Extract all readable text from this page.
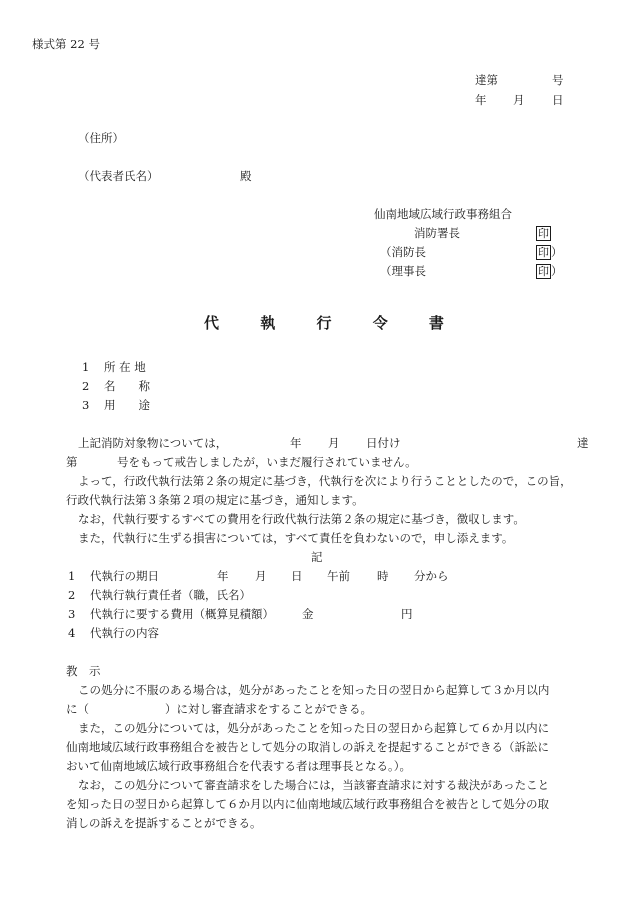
様式第 22 号
達第	号
年 月 日
（住所）
（代表者氏名）	殿
仙南地域広域行政事務組合
消防署長	印
（消防長	印 ）
（理事長	印 ）
代 執 行 令 書
1 所 在 地
2 名　　称
3 用　　途
上記消防対象物については，	年 月 日付け	達
第	号をもって戒告しましたが，いまだ履行されていません。
よって，行政代執行法第２条の規定に基づき，代執行を次により行うこととしたので，この旨，
行政代執行法第３条第２項の規定に基づき，通知します。
なお，代執行要するすべての費用を行政代執行法第２条の規定に基づき，徴収します。
また，代執行に生ずる損害については，すべて責任を負わないので，申し添えます。
記
1 代執行の期日	年 月 日 午前 時 分から
2 代執行執行責任者（職，氏名）
3 代執行に要する費用（概算見積額） 金	円
4 代執行の内容
教　示
この処分に不服のある場合は，処分があったことを知った日の翌日から起算して３か月以内
に（	）に対し審査請求をすることができる。
また，この処分については，処分があったことを知った日の翌日から起算して６か月以内に
仙南地域広域行政事務組合を被告として処分の取消しの訴えを提起することができる（訴訟に
おいて仙南地域広域行政事務組合を代表する者は理事長となる。）。
なお，この処分について審査請求をした場合には，当該審査請求に対する裁決があったこと
を知った日の翌日から起算して６か月以内に仙南地域広域行政事務組合を被告として処分の取
消しの訴えを提訴することができる。
